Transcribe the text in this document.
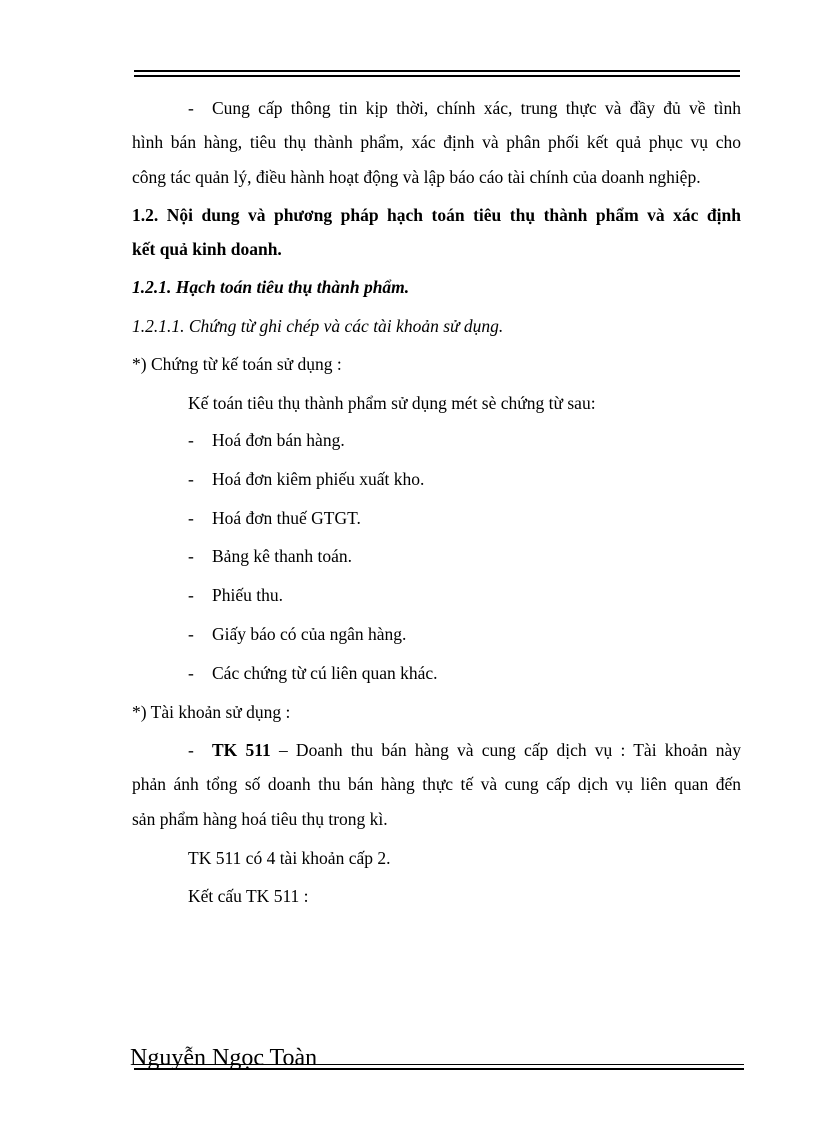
- Cung cấp thông tin kịp thời, chính xác, trung thực và đầy đủ về tình
hình bán hàng, tiêu thụ thành phẩm, xác định và phân phối kết quả phục vụ cho
công tác quản lý, điều hành hoạt động và lập báo cáo tài chính của doanh nghiệp.
1.2. Nội dung và phương pháp hạch toán tiêu thụ thành phẩm và xác định
kết quả kinh doanh.
1.2.1. Hạch toán tiêu thụ thành phẩm.
1.2.1.1. Chứng từ ghi chép và các tài khoản sử dụng.
*) Chứng từ kế toán sử dụng :
Kế toán tiêu thụ thành phẩm sử dụng mét sè chứng từ sau:
- Hoá đơn bán hàng.
- Hoá đơn kiêm phiếu xuất kho.
- Hoá đơn thuế GTGT.
- Bảng kê thanh toán.
- Phiếu thu.
- Giấy báo có của ngân hàng.
- Các chứng từ cú liên quan khác.
*) Tài khoản sử dụng :
- TK 511 – Doanh thu bán hàng và cung cấp dịch vụ : Tài khoản này
phản ánh tổng số doanh thu bán hàng thực tế và cung cấp dịch vụ liên quan đến
sản phẩm hàng hoá tiêu thụ trong kì.
TK 511 có 4 tài khoản cấp 2.
Kết cấu TK 511 :
Nguyễn Ngọc Toàn
